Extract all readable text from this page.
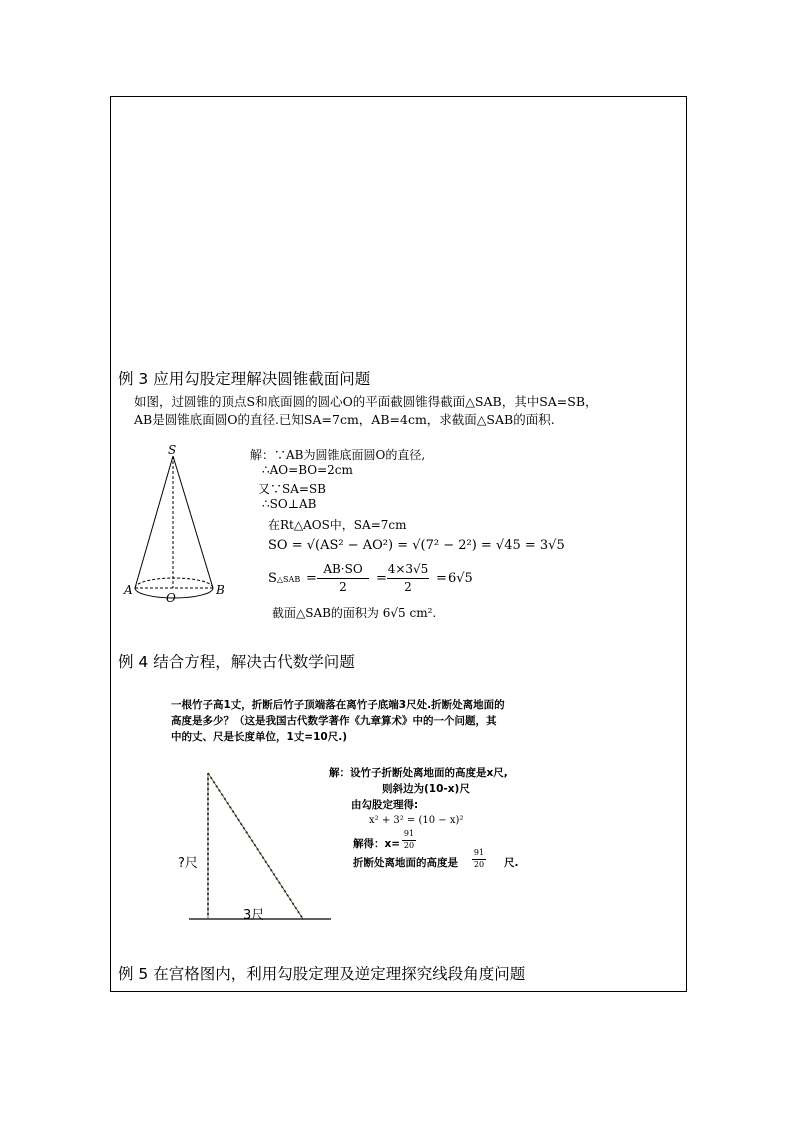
例 3 应用勾股定理解决圆锥截面问题
如图，过圆锥的顶点S和底面圆的圆心O的平面截圆锥得截面△SAB，其中SA=SB，
AB是圆锥底面圆O的直径.已知SA=7cm，AB=4cm，求截面△SAB的面积.
S
A	B
O
解：∵AB为圆锥底面圆O的直径,
∴AO=BO=2cm
又∵SA=SB
∴SO⊥AB
在Rt△AOS中，SA=7cm
SO = √(AS² − AO²) = √(7² − 2²) = √45 = 3√5
S△SAB =
AB·SO
2
=
4×3√5
2
= 6√5
截面△SAB的面积为 6√5 cm².
例 4 结合方程，解决古代数学问题
一根竹子高1丈，折断后竹子顶端落在离竹子底端3尺处.折断处离地面的
高度是多少？（这是我国古代数学著作《九章算术》中的一个问题，其
中的丈、尺是长度单位，1丈=10尺.)
?尺
3尺
解：设竹子折断处离地面的高度是x尺,
则斜边为(10-x)尺
由勾股定理得:
x² + 3² = (10 − x)²
解得：x=
91
20
折断处离地面的高度是
91
20 尺.
例 5 在宫格图内，利用勾股定理及逆定理探究线段角度问题
